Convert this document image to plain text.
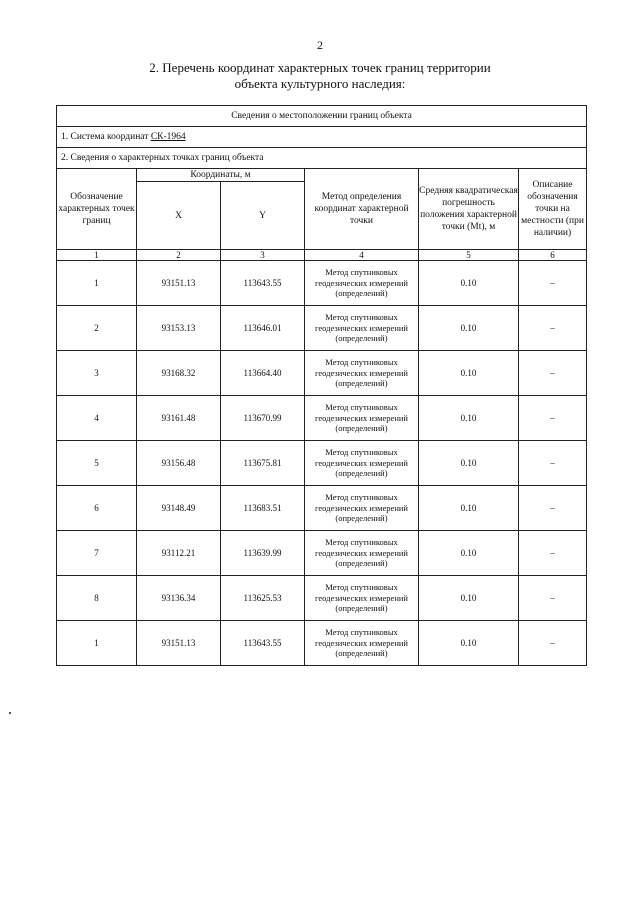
2
2. Перечень координат характерных точек границ территории
объекта культурного наследия:
Сведения о местоположении границ объекта					
1. Система координат СК-1964					
2. Сведения о характерных точках границ объекта					
Обозначение характерных точек границ	Координаты, м		Метод определения координат характерной точки	Средняя квадратическая погрешность положения характерной точки (Mt), м	Описание обозначения точки на местности (при наличии)
	X	Y			
1	2	3	4	5	6
1	93151.13	113643.55	Метод спутниковых геодезических измерений (определений)	0.10	–
2	93153.13	113646.01	Метод спутниковых геодезических измерений (определений)	0.10	–
3	93168.32	113664.40	Метод спутниковых геодезических измерений (определений)	0.10	–
4	93161.48	113670.99	Метод спутниковых геодезических измерений (определений)	0.10	–
5	93156.48	113675.81	Метод спутниковых геодезических измерений (определений)	0.10	–
6	93148.49	113683.51	Метод спутниковых геодезических измерений (определений)	0.10	–
7	93112.21	113639.99	Метод спутниковых геодезических измерений (определений)	0.10	–
8	93136.34	113625.53	Метод спутниковых геодезических измерений (определений)	0.10	–
1	93151.13	113643.55	Метод спутниковых геодезических измерений (определений)	0.10	–
